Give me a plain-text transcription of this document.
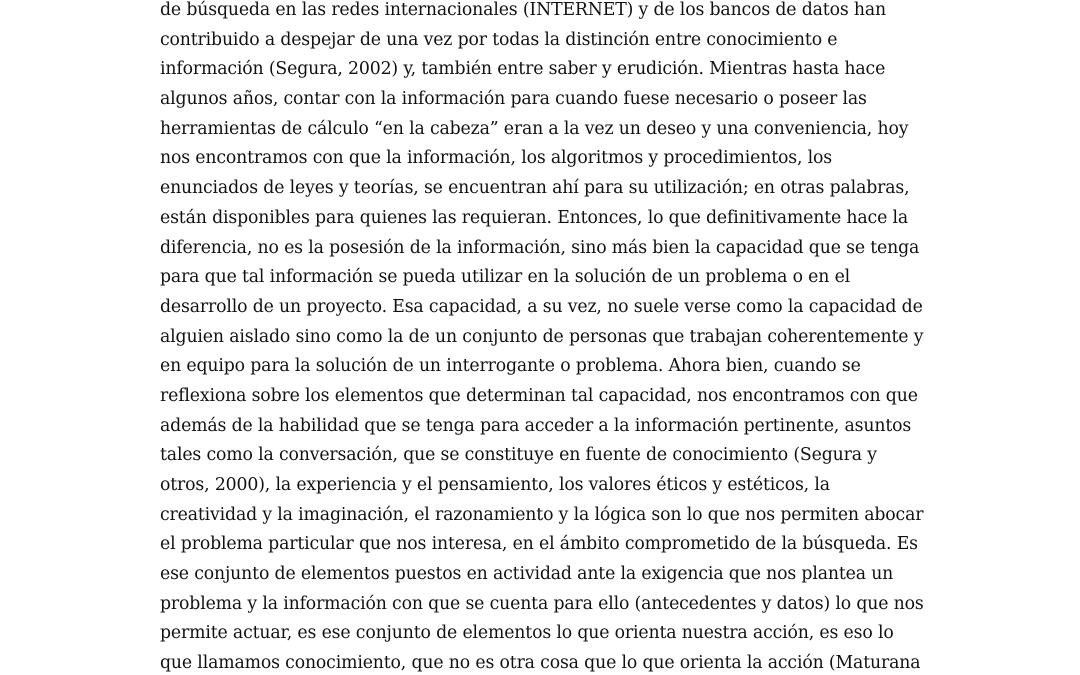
de búsqueda en las redes internacionales (INTERNET) y de los bancos de datos han
contribuido a despejar de una vez por todas la distinción entre conocimiento e
información (Segura, 2002) y, también entre saber y erudición. Mientras hasta hace
algunos años, contar con la información para cuando fuese necesario o poseer las
herramientas de cálculo “en la cabeza” eran a la vez un deseo y una conveniencia, hoy
nos encontramos con que la información, los algoritmos y procedimientos, los
enunciados de leyes y teorías, se encuentran ahí para su utilización; en otras palabras,
están disponibles para quienes las requieran. Entonces, lo que definitivamente hace la
diferencia, no es la posesión de la información, sino más bien la capacidad que se tenga
para que tal información se pueda utilizar en la solución de un problema o en el
desarrollo de un proyecto. Esa capacidad, a su vez, no suele verse como la capacidad de
alguien aislado sino como la de un conjunto de personas que trabajan coherentemente y
en equipo para la solución de un interrogante o problema. Ahora bien, cuando se
reflexiona sobre los elementos que determinan tal capacidad, nos encontramos con que
además de la habilidad que se tenga para acceder a la información pertinente, asuntos
tales como la conversación, que se constituye en fuente de conocimiento (Segura y
otros, 2000), la experiencia y el pensamiento, los valores éticos y estéticos, la
creatividad y la imaginación, el razonamiento y la lógica son lo que nos permiten abocar
el problema particular que nos interesa, en el ámbito comprometido de la búsqueda. Es
ese conjunto de elementos puestos en actividad ante la exigencia que nos plantea un
problema y la información con que se cuenta para ello (antecedentes y datos) lo que nos
permite actuar, es ese conjunto de elementos lo que orienta nuestra acción, es eso lo
que llamamos conocimiento, que no es otra cosa que lo que orienta la acción (Maturana
